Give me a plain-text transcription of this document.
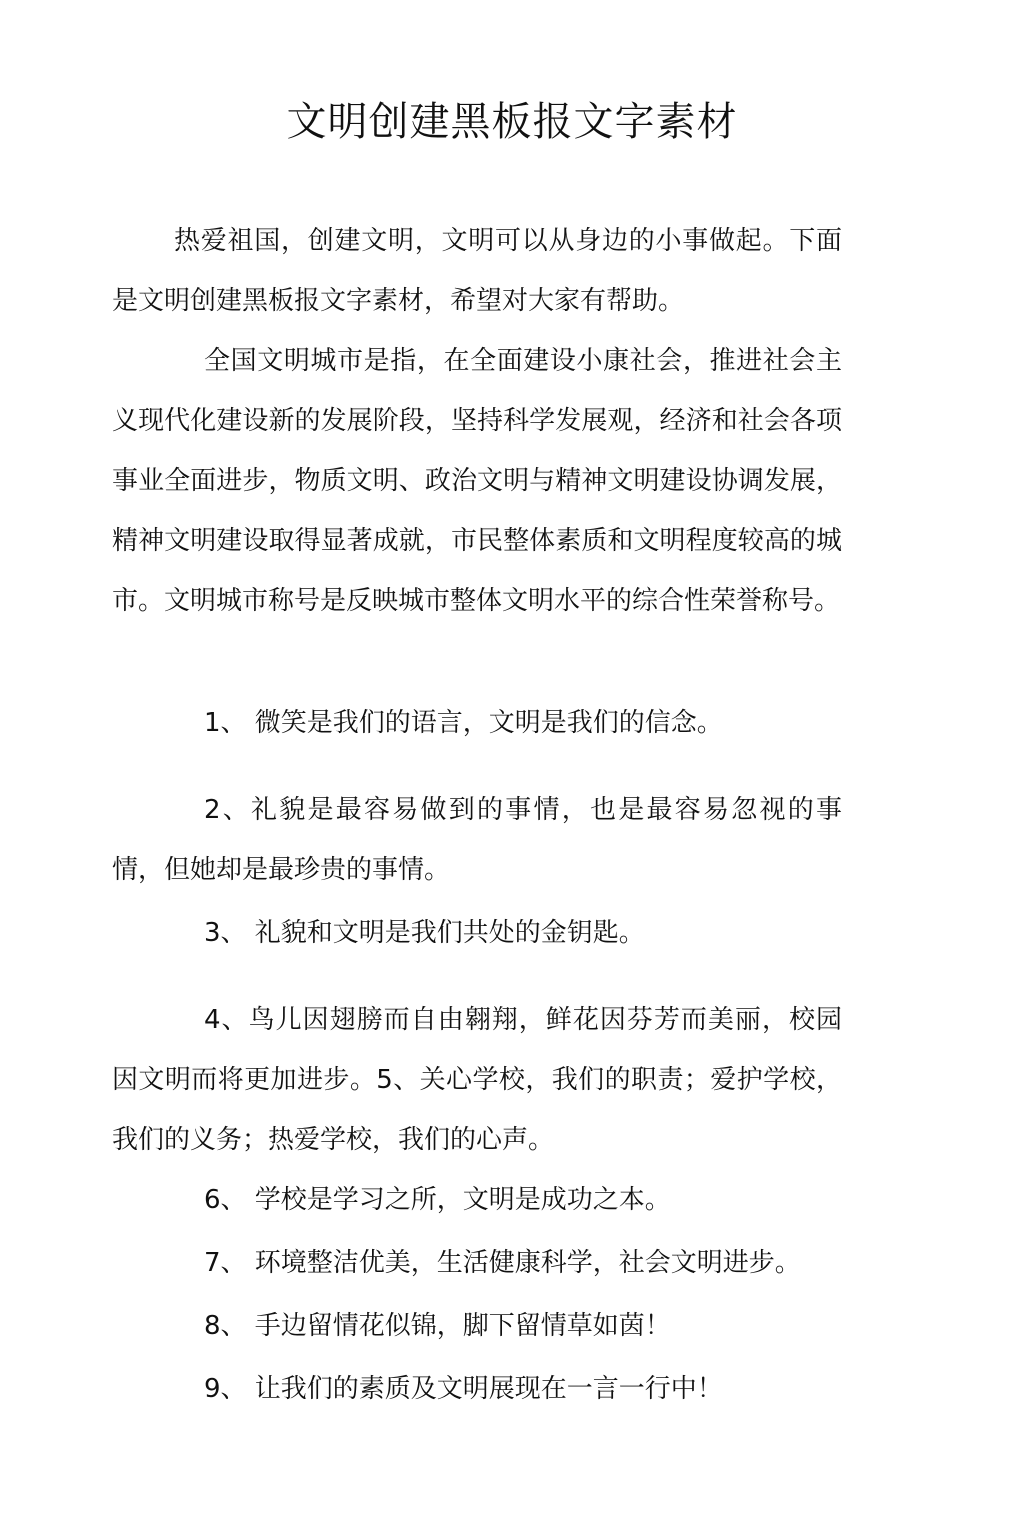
文明创建黑板报文字素材

热爱祖国，创建文明，文明可以从身边的小事做起。下面是文明创建黑板报文字素材，希望对大家有帮助。

全国文明城市是指，在全面建设小康社会，推进社会主义现代化建设新的发展阶段，坚持科学发展观，经济和社会各项事业全面进步，物质文明、政治文明与精神文明建设协调发展，精神文明建设取得显著成就，市民整体素质和文明程度较高的城市。文明城市称号是反映城市整体文明水平的综合性荣誉称号。

1、 微笑是我们的语言，文明是我们的信念。

2、礼貌是最容易做到的事情，也是最容易忽视的事情，但她却是最珍贵的事情。

3、 礼貌和文明是我们共处的金钥匙。

4、鸟儿因翅膀而自由翱翔，鲜花因芬芳而美丽，校园因文明而将更加进步。5、关心学校，我们的职责；爱护学校，我们的义务；热爱学校，我们的心声。

6、 学校是学习之所，文明是成功之本。

7、 环境整洁优美，生活健康科学，社会文明进步。

8、 手边留情花似锦，脚下留情草如茵！

9、 让我们的素质及文明展现在一言一行中！
